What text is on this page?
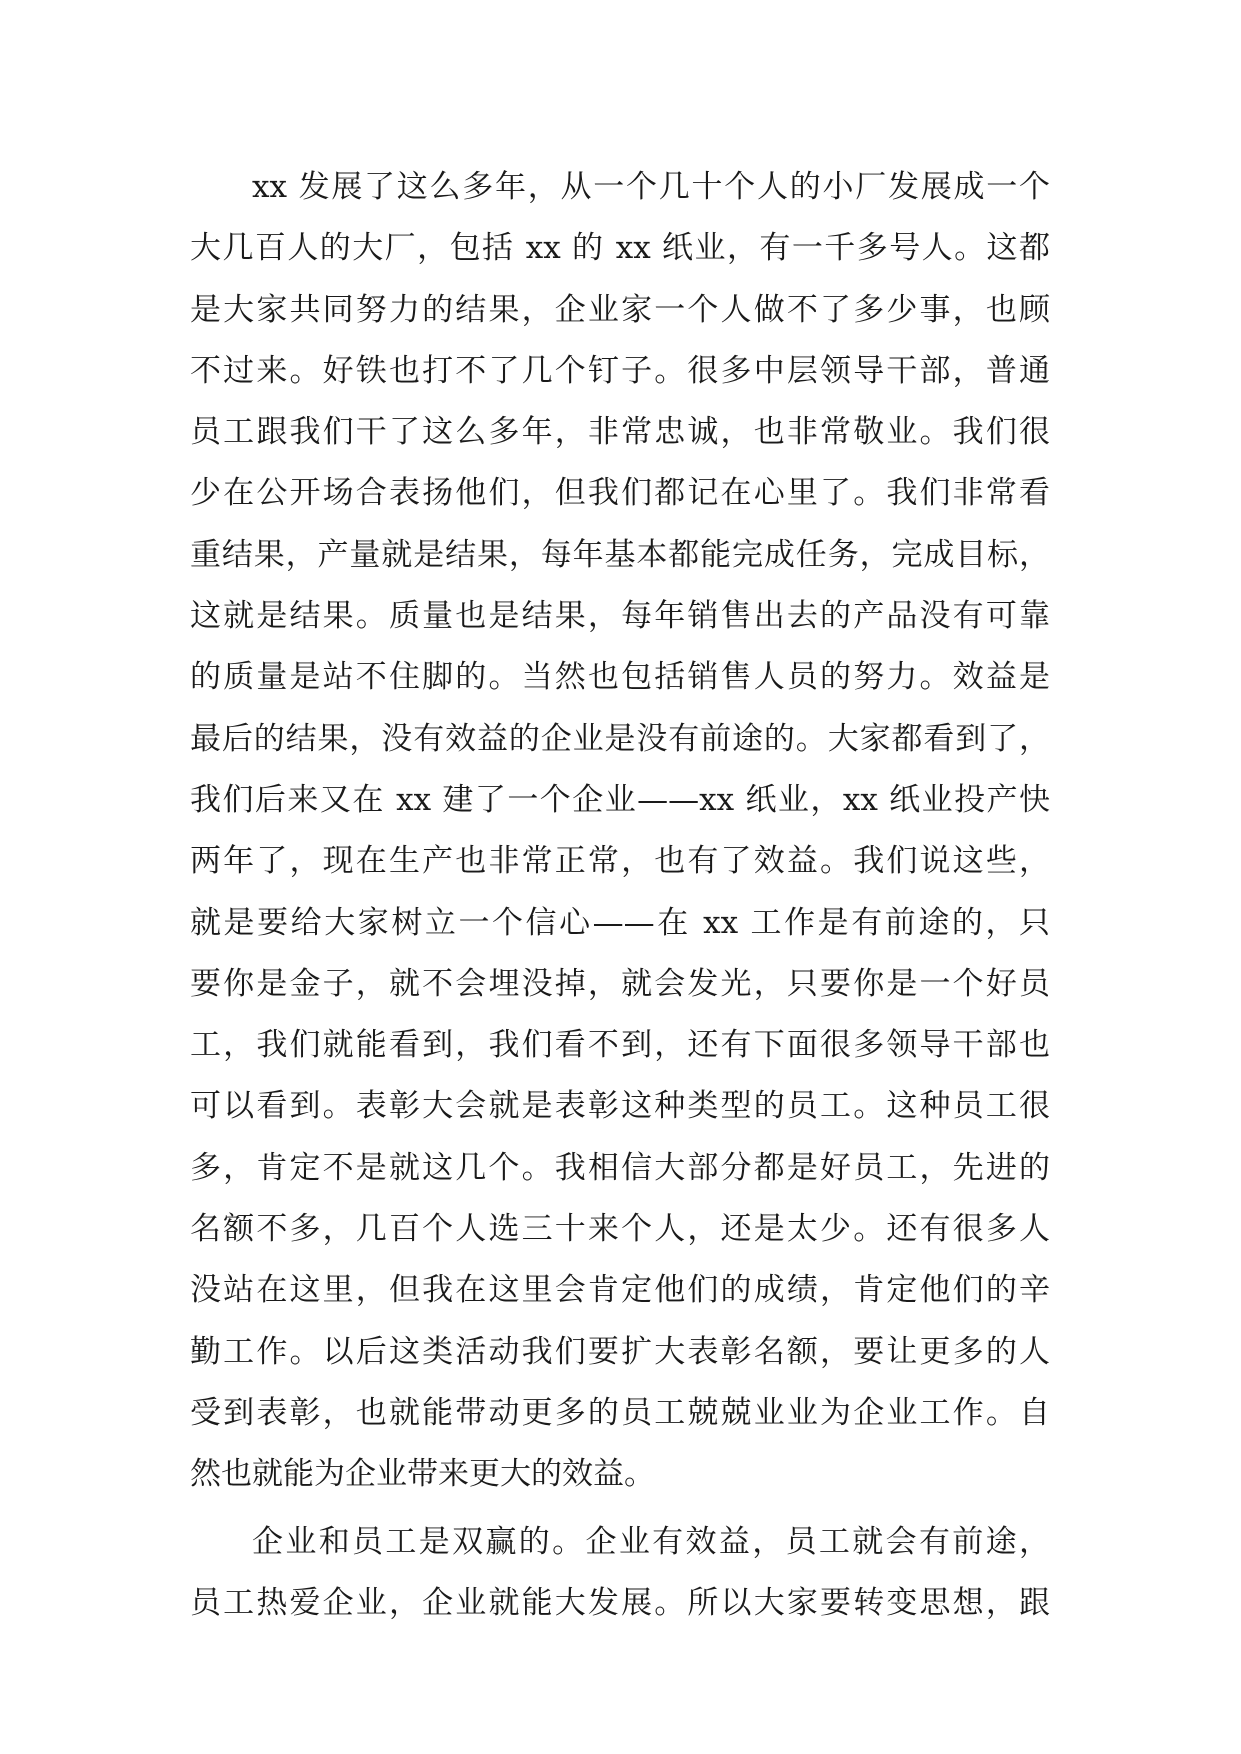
xx 发展了这么多年，从一个几十个人的小厂发展成一个
大几百人的大厂，包括 xx 的 xx 纸业，有一千多号人。这都
是大家共同努力的结果，企业家一个人做不了多少事，也顾
不过来。好铁也打不了几个钉子。很多中层领导干部，普通
员工跟我们干了这么多年，非常忠诚，也非常敬业。我们很
少在公开场合表扬他们，但我们都记在心里了。我们非常看
重结果，产量就是结果，每年基本都能完成任务，完成目标，
这就是结果。质量也是结果，每年销售出去的产品没有可靠
的质量是站不住脚的。当然也包括销售人员的努力。效益是
最后的结果，没有效益的企业是没有前途的。大家都看到了，
我们后来又在 xx 建了一个企业——xx 纸业，xx 纸业投产快
两年了，现在生产也非常正常，也有了效益。我们说这些，
就是要给大家树立一个信心——在 xx 工作是有前途的，只
要你是金子，就不会埋没掉，就会发光，只要你是一个好员
工，我们就能看到，我们看不到，还有下面很多领导干部也
可以看到。表彰大会就是表彰这种类型的员工。这种员工很
多，肯定不是就这几个。我相信大部分都是好员工，先进的
名额不多，几百个人选三十来个人，还是太少。还有很多人
没站在这里，但我在这里会肯定他们的成绩，肯定他们的辛
勤工作。以后这类活动我们要扩大表彰名额，要让更多的人
受到表彰，也就能带动更多的员工兢兢业业为企业工作。自
然也就能为企业带来更大的效益。
企业和员工是双赢的。企业有效益，员工就会有前途，
员工热爱企业，企业就能大发展。所以大家要转变思想，跟
